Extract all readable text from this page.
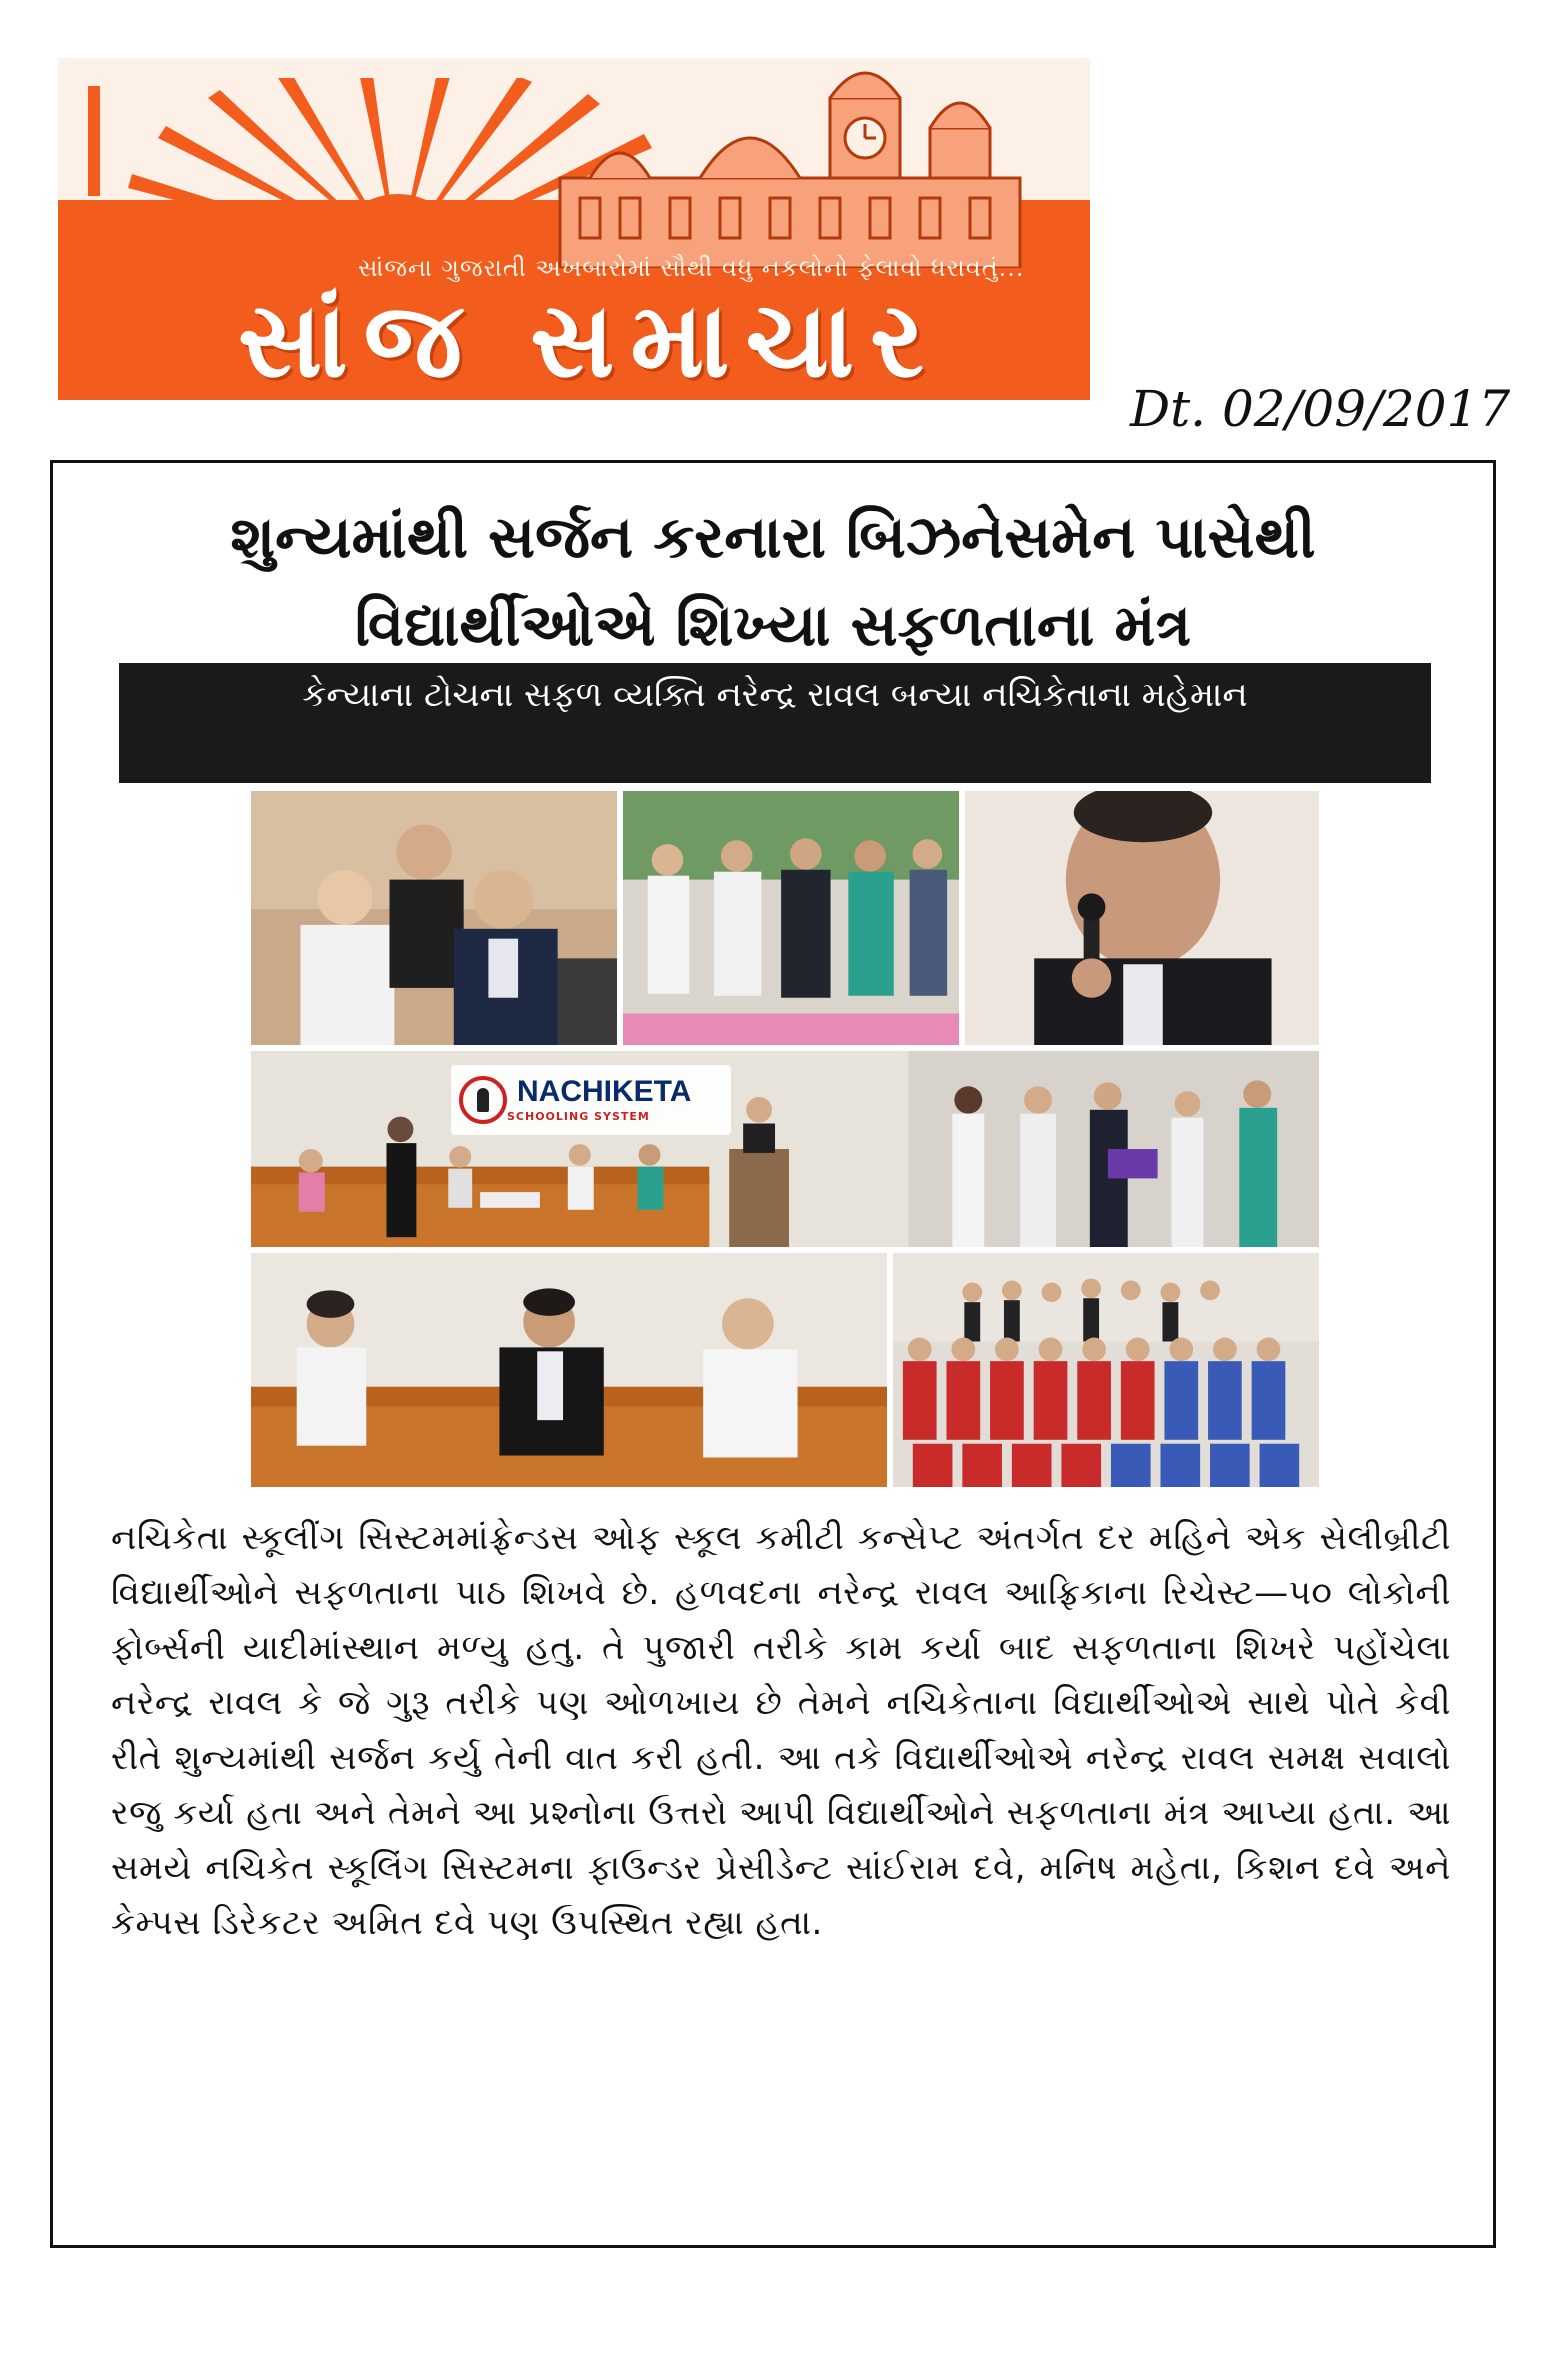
સાંજના ગુજરાતી અખબારોમાં સૌથી વધુ નકલોનો ફેલાવો ધરાવતું...
સાંજ સમાચાર
Dt. 02/09/2017
શુન્યમાંથી સર્જન કરનારા બિઝનેસમેન પાસેથી વિદ્યાર્થીઓએ શિખ્યા સફળતાના મંત્ર
કેન્યાના ટોચના સફળ વ્યક્તિ નરેન્દ્ર રાવલ બન્યા નચિકેતાના મહેમાન
NACHIKETA
SCHOOLING SYSTEM
નચિકેતા સ્કૂલીંગ સિસ્ટમમાંફ્રેન્ડસ ઓફ સ્કૂલ કમીટી કન્સેપ્ટ અંતર્ગત દર મહિને એક સેલીબ્રીટી વિદ્યાર્થીઓને સફળતાના પાઠ શિખવે છે. હળવદના નરેન્દ્ર રાવલ આફ્રિકાના રિચેસ્ટ—૫૦ લોકોની ફોર્બ્સની યાદીમાંસ્થાન મળ્યુ હતુ. તે પુજારી તરીકે કામ કર્યા બાદ સફળતાના શિખરે પહોંચેલા નરેન્દ્ર રાવલ કે જે ગુરૂ તરીકે પણ ઓળખાય છે તેમને નચિકેતાના વિદ્યાર્થીઓએ સાથે પોતે કેવી રીતે શુન્યમાંથી સર્જન કર્યુ તેની વાત કરી હતી. આ તકે વિદ્યાર્થીઓએ નરેન્દ્ર રાવલ સમક્ષ સવાલો રજુ કર્યા હતા અને તેમને આ પ્રશ્નોના ઉત્તરો આપી વિદ્યાર્થીઓને સફળતાના મંત્ર આપ્યા હતા. આ સમયે નચિકેત સ્કૂલિંગ સિસ્ટમના ફાઉન્ડર પ્રેસીડેન્ટ સાંઈરામ દવે, મનિષ મહેતા, કિશન દવે અને કેમ્પસ ડિરેકટર અમિત દવે પણ ઉપસ્થિત રહ્યા હતા.
